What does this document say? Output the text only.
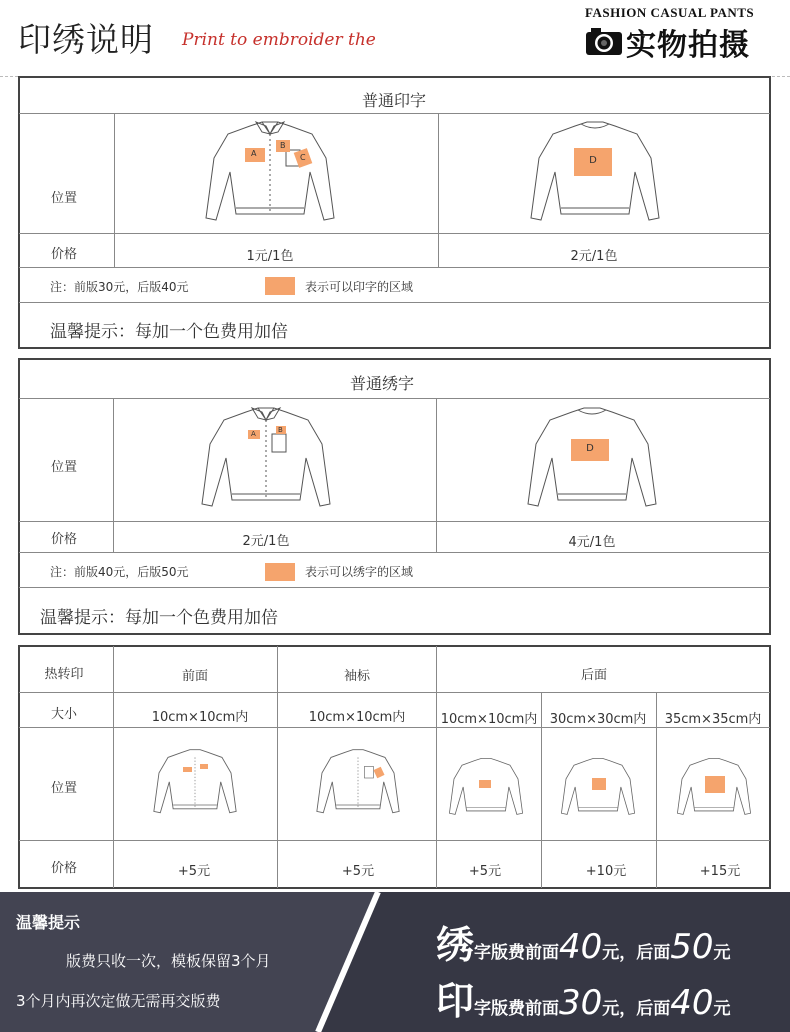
印绣说明 Print to embroider the
FASHION CASUAL PANTS
实物拍摄
普通印字
位置
价格	1元/1色	2元/1色
注：前版30元，后版40元	表示可以印字的区域
温馨提示：每加一个色费用加倍
A
B
C	D
普通绣字
位置
价格	2元/1色	4元/1色
注：前版40元，后版50元	表示可以绣字的区域
温馨提示：每加一个色费用加倍
A	B
D
热转印	前面	袖标	后面
大小	10cm×10cm内	10cm×10cm内	10cm×10cm内 30cm×30cm内 35cm×35cm内
位置
价格	+5元	+5元	+5元	+10元	+15元
温馨提示
版费只收一次，模板保留3个月
3个月内再次定做无需再交版费
绣字版费前面40元，后面50元
印字版费前面30元，后面40元
